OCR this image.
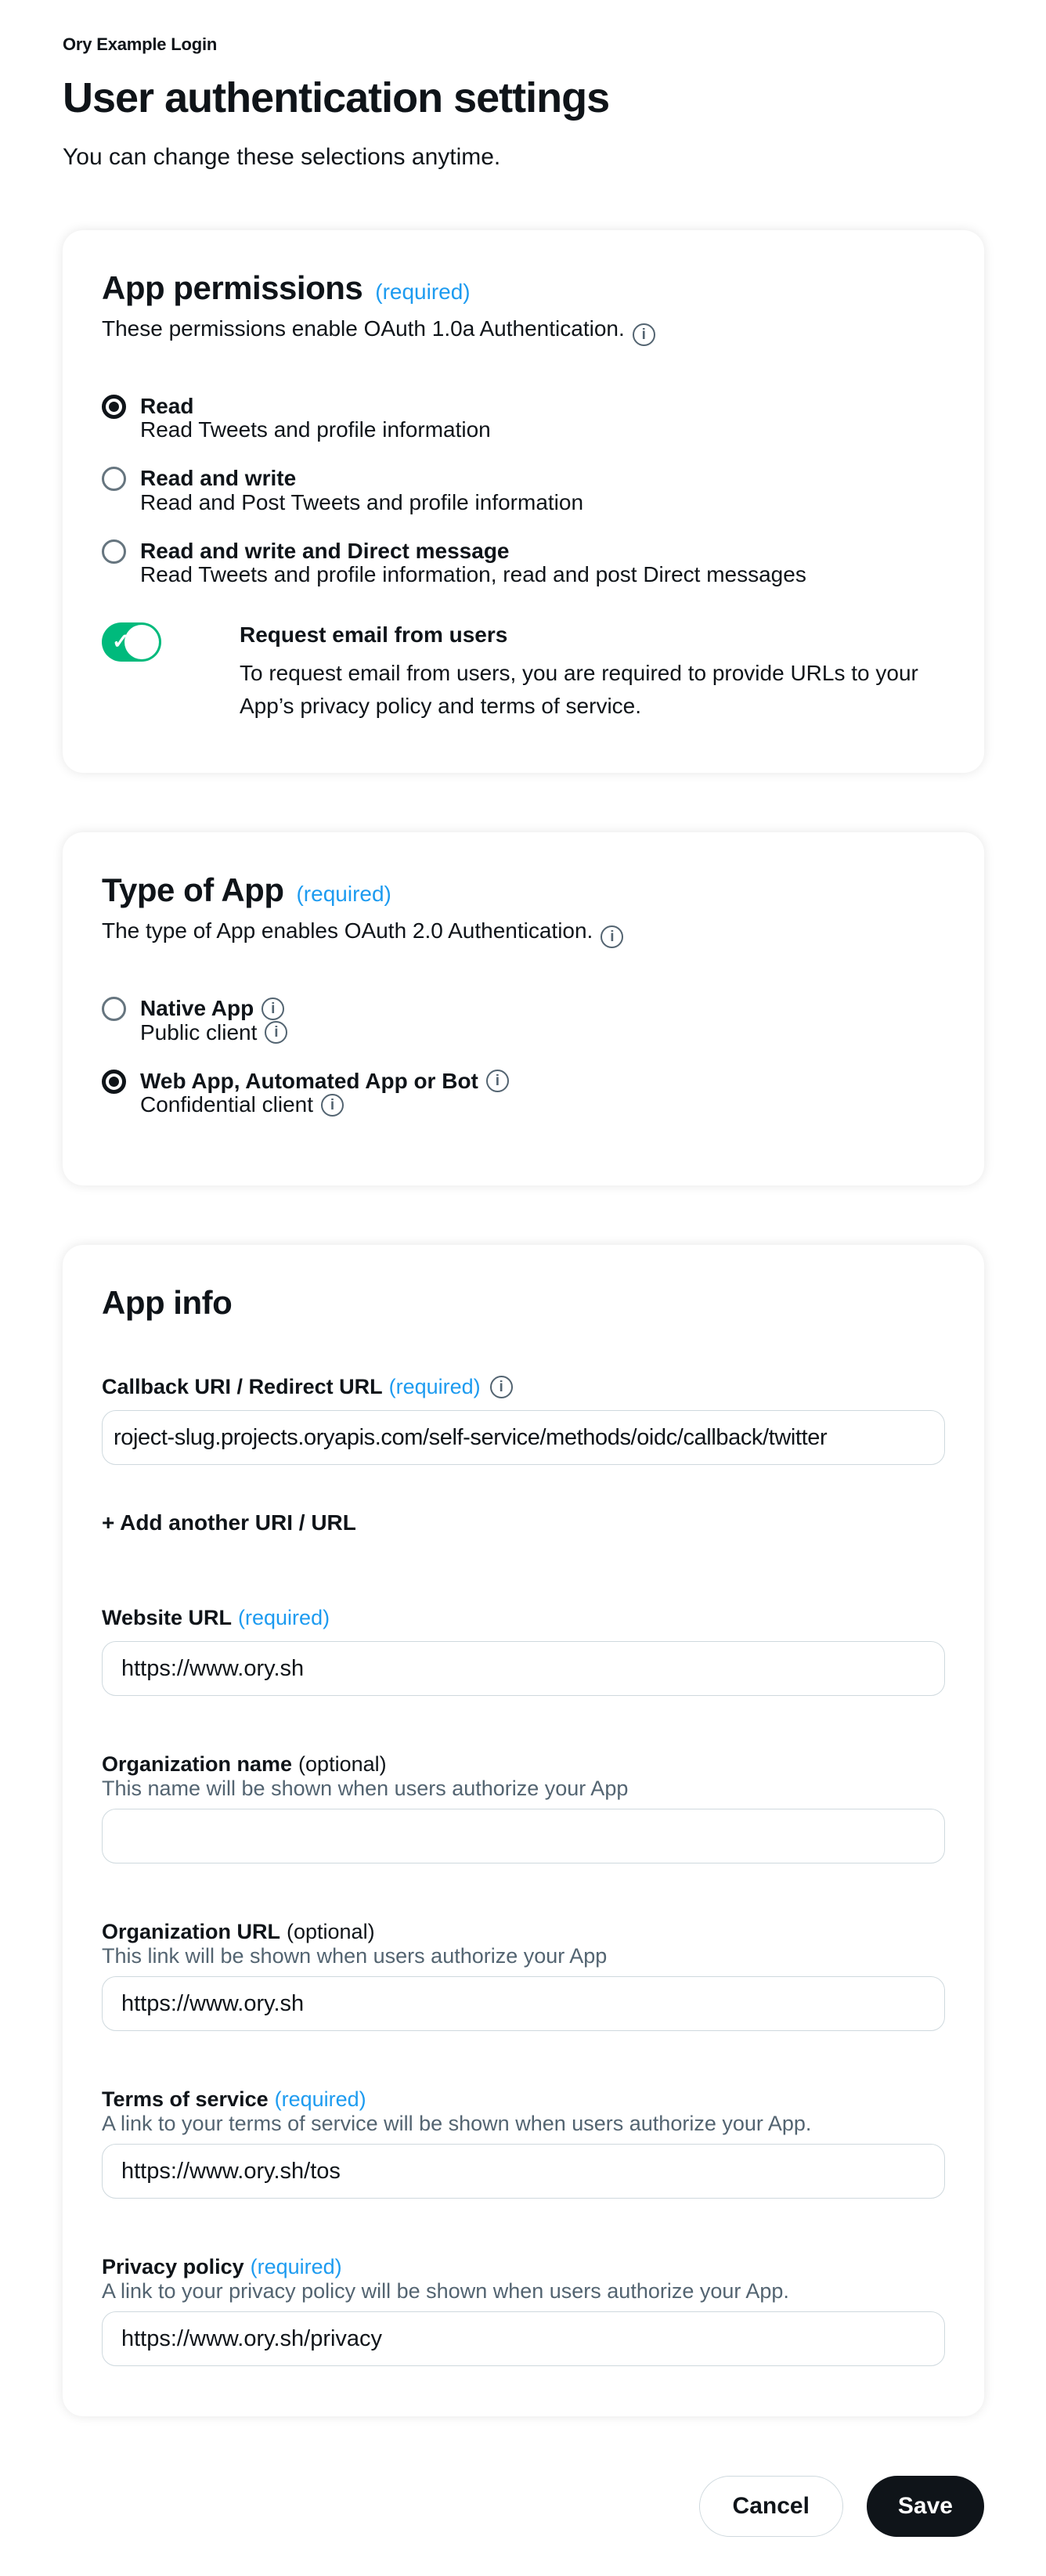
Ory Example Login
User authentication settings
You can change these selections anytime.
App permissions (required)
These permissions enable OAuth 1.0a Authentication.i
Read
Read Tweets and profile information
Read and write
Read and Post Tweets and profile information
Read and write and Direct message
Read Tweets and profile information, read and post Direct messages
✓
Request email from users
To request email from users, you are required to provide URLs to your App’s privacy policy and terms of service.
Type of App (required)
The type of App enables OAuth 2.0 Authentication.i
Native App
i
Public client
i
Web App, Automated App or Bot
i
Confidential client
i
App info
Callback URI / Redirect URL (required)
i
roject-slug.projects.oryapis.com/self-service/methods/oidc/callback/twitter
+ Add another URI / URL
Website URL (required)
https://www.ory.sh
Organization name (optional)
This name will be shown when users authorize your App
Organization URL (optional)
This link will be shown when users authorize your App
https://www.ory.sh
Terms of service (required)
A link to your terms of service will be shown when users authorize your App.
https://www.ory.sh/tos
Privacy policy (required)
A link to your privacy policy will be shown when users authorize your App.
https://www.ory.sh/privacy
Cancel	Save
